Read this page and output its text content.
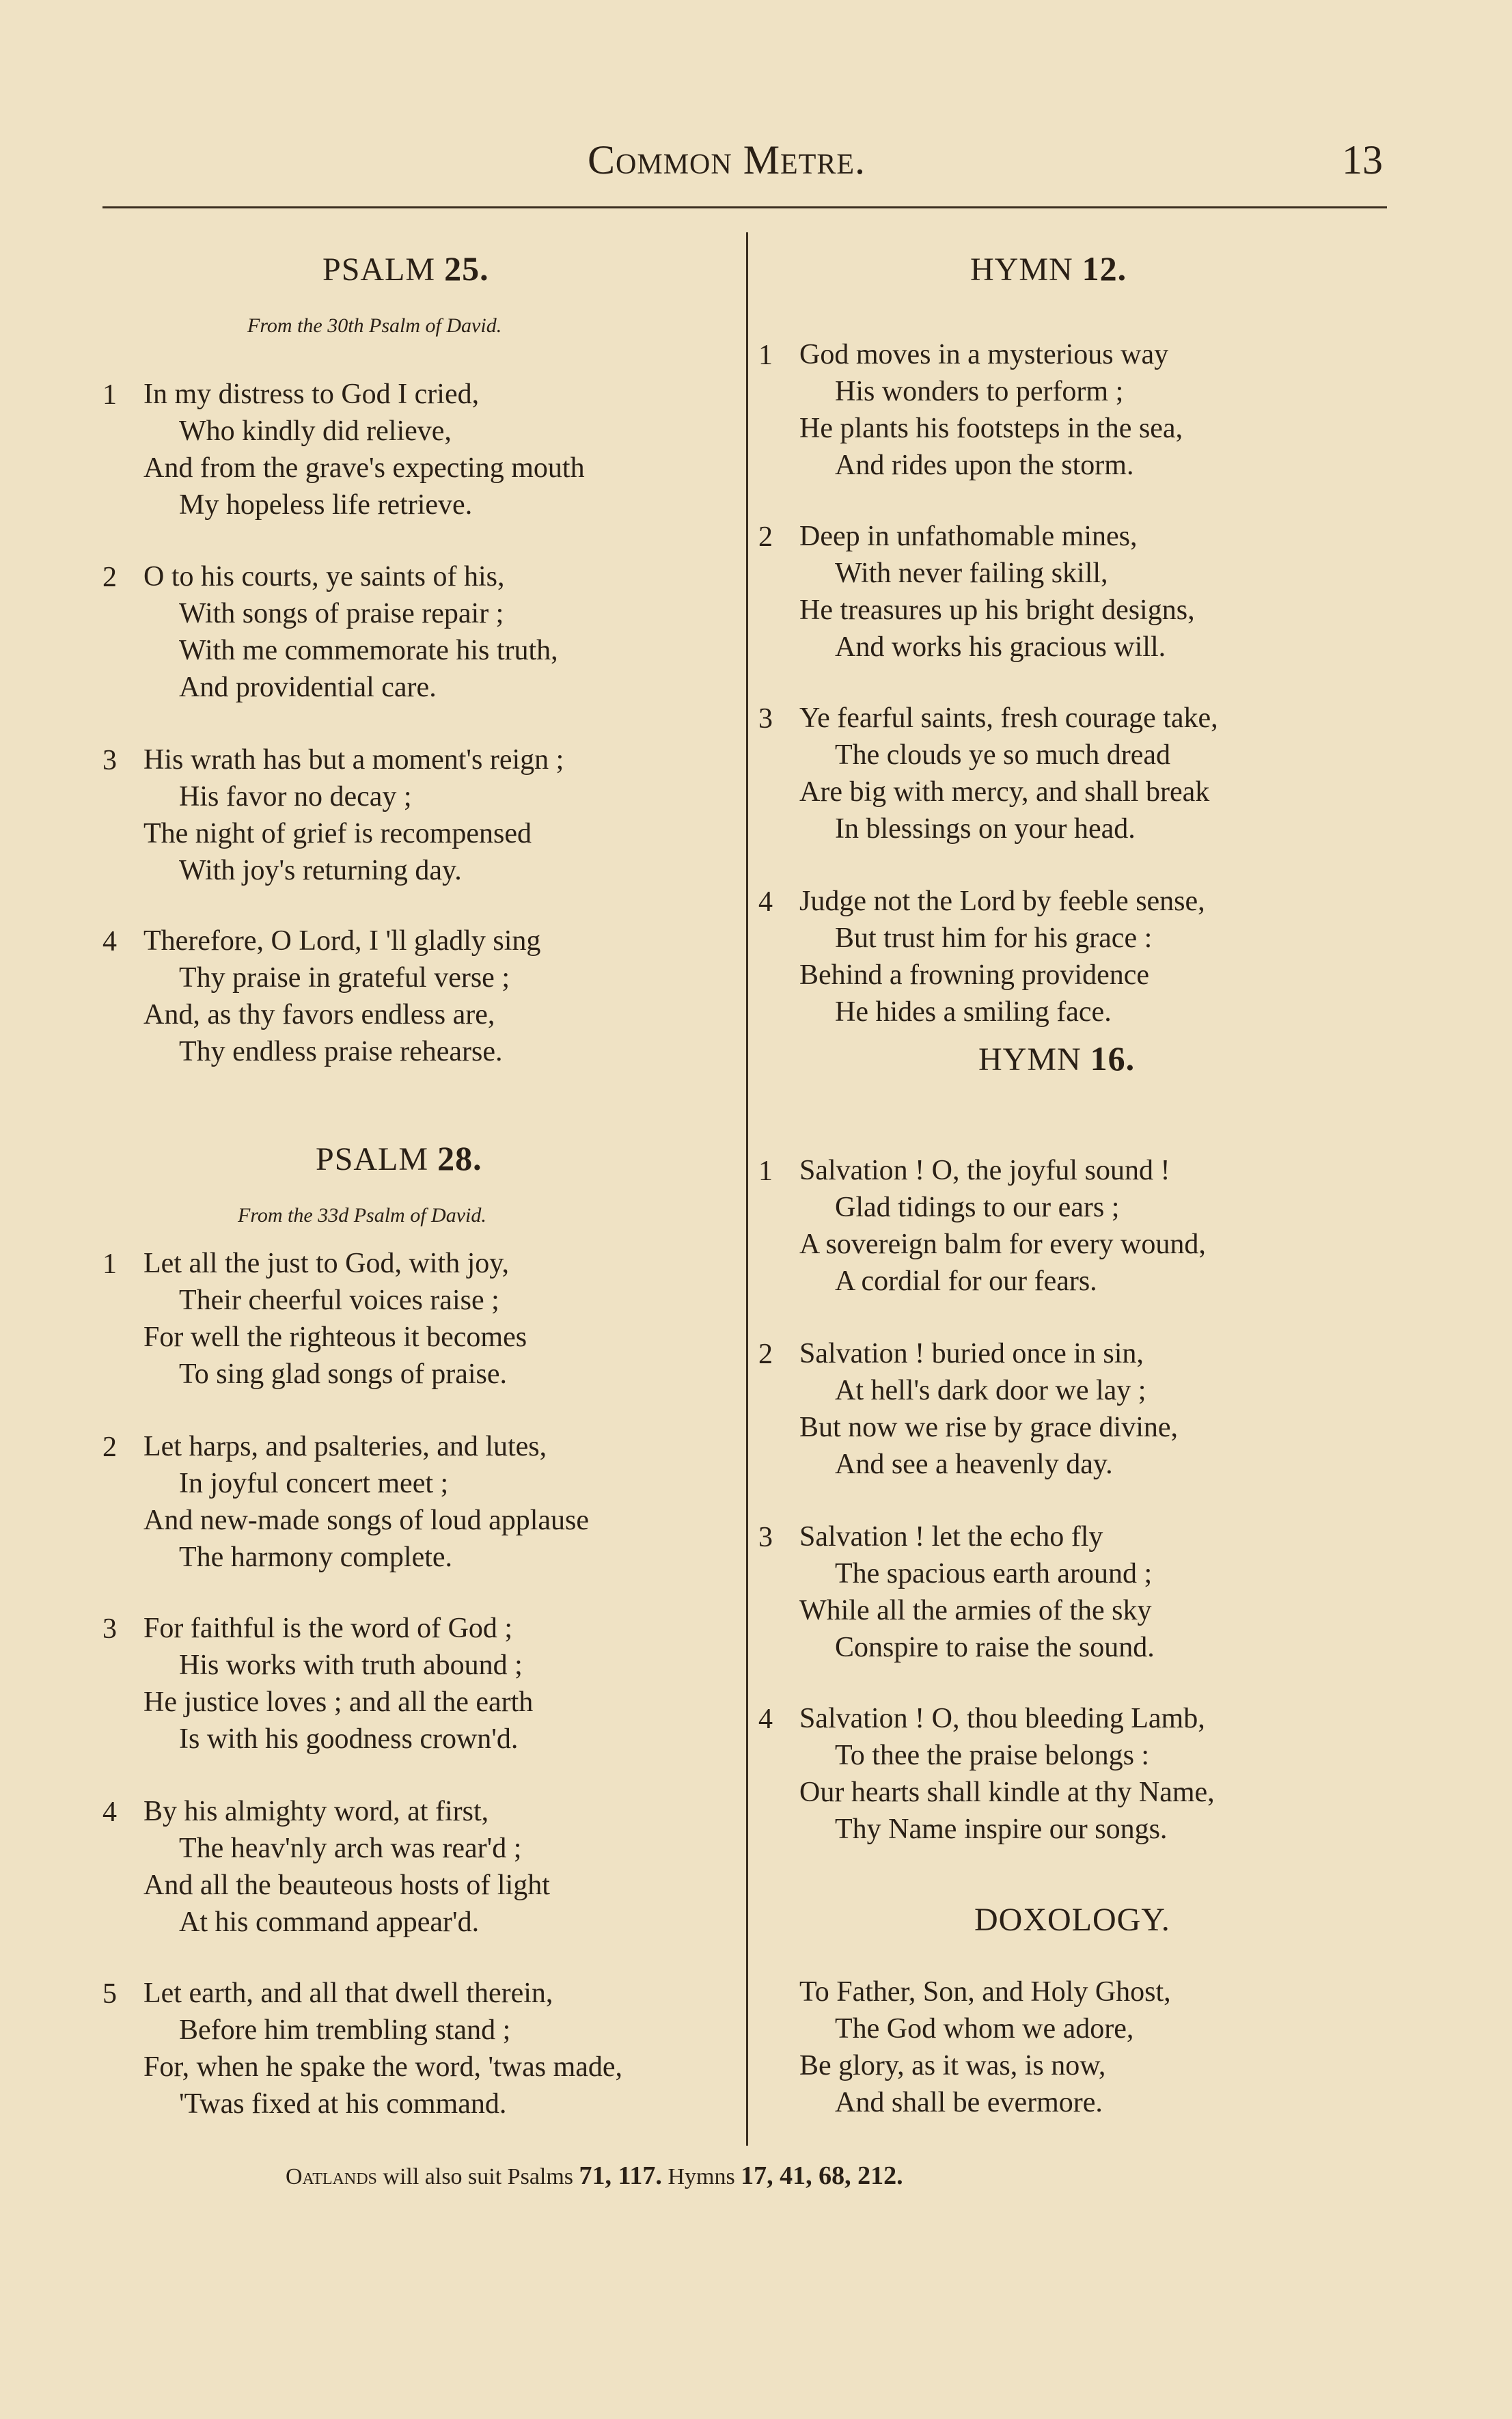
Common Metre.	13
PSALM 25.
From the 30th Psalm of David.
1 In my distress to God I cried,
Who kindly did relieve,
And from the grave's expecting mouth
My hopeless life retrieve.
2 O to his courts, ye saints of his,
With songs of praise repair ;
With me commemorate his truth,
And providential care.
3 His wrath has but a moment's reign ;
His favor no decay ;
The night of grief is recompensed
With joy's returning day.
4 Therefore, O Lord, I 'll gladly sing
Thy praise in grateful verse ;
And, as thy favors endless are,
Thy endless praise rehearse.
PSALM 28.
From the 33d Psalm of David.
1 Let all the just to God, with joy,
Their cheerful voices raise ;
For well the righteous it becomes
To sing glad songs of praise.
2 Let harps, and psalteries, and lutes,
In joyful concert meet ;
And new-made songs of loud applause
The harmony complete.
3 For faithful is the word of God ;
His works with truth abound ;
He justice loves ; and all the earth
Is with his goodness crown'd.
4 By his almighty word, at first,
The heav'nly arch was rear'd ;
And all the beauteous hosts of light
At his command appear'd.
5 Let earth, and all that dwell therein,
Before him trembling stand ;
For, when he spake the word, 'twas made,
'Twas fixed at his command.
HYMN 12.
1 God moves in a mysterious way
His wonders to perform ;
He plants his footsteps in the sea,
And rides upon the storm.
2 Deep in unfathomable mines,
With never failing skill,
He treasures up his bright designs,
And works his gracious will.
3 Ye fearful saints, fresh courage take,
The clouds ye so much dread
Are big with mercy, and shall break
In blessings on your head.
4 Judge not the Lord by feeble sense,
But trust him for his grace :
Behind a frowning providence
He hides a smiling face.
HYMN 16.
1 Salvation ! O, the joyful sound !
Glad tidings to our ears ;
A sovereign balm for every wound,
A cordial for our fears.
2 Salvation ! buried once in sin,
At hell's dark door we lay ;
But now we rise by grace divine,
And see a heavenly day.
3 Salvation ! let the echo fly
The spacious earth around ;
While all the armies of the sky
Conspire to raise the sound.
4 Salvation ! O, thou bleeding Lamb,
To thee the praise belongs :
Our hearts shall kindle at thy Name,
Thy Name inspire our songs.
DOXOLOGY.
To Father, Son, and Holy Ghost,
The God whom we adore,
Be glory, as it was, is now,
And shall be evermore.
Oatlands will also suit Psalms 71, 117. Hymns 17, 41, 68, 212.
